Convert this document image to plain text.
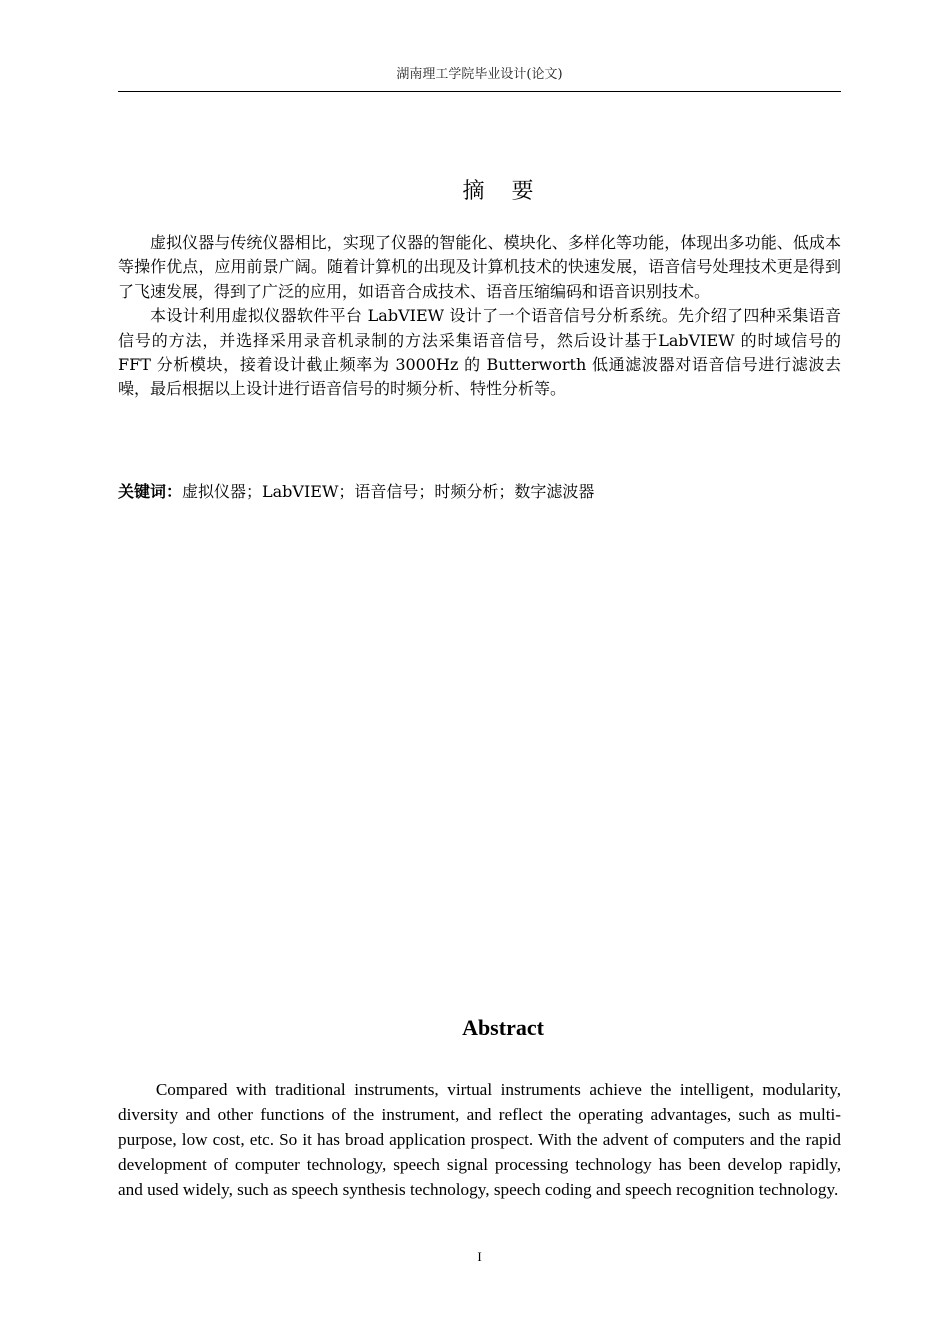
湖南理工学院毕业设计(论文)
摘 要

虚拟仪器与传统仪器相比，实现了仪器的智能化、模块化、多样化等功能，体现出多功能、低成本等操作优点，应用前景广阔。随着计算机的出现及计算机技术的快速发展，语音信号处理技术更是得到了飞速发展，得到了广泛的应用，如语音合成技术、语音压缩编码和语音识别技术。

本设计利用虚拟仪器软件平台 LabVIEW 设计了一个语音信号分析系统。先介绍了四种采集语音信号的方法，并选择采用录音机录制的方法采集语音信号，然后设计基于LabVIEW 的时域信号的 FFT 分析模块，接着设计截止频率为 3000Hz 的 Butterworth 低通滤波器对语音信号进行滤波去噪，最后根据以上设计进行语音信号的时频分析、特性分析等。

关键词：虚拟仪器；LabVIEW；语音信号；时频分析；数字滤波器
Abstract

Compared with traditional instruments, virtual instruments achieve the intelligent, modularity, diversity and other functions of the instrument, and reflect the operating advantages, such as multi-purpose, low cost, etc. So it has broad application prospect. With the advent of computers and the rapid development of computer technology, speech signal processing technology has been develop rapidly, and used widely, such as speech synthesis technology, speech coding and speech recognition technology.

I
